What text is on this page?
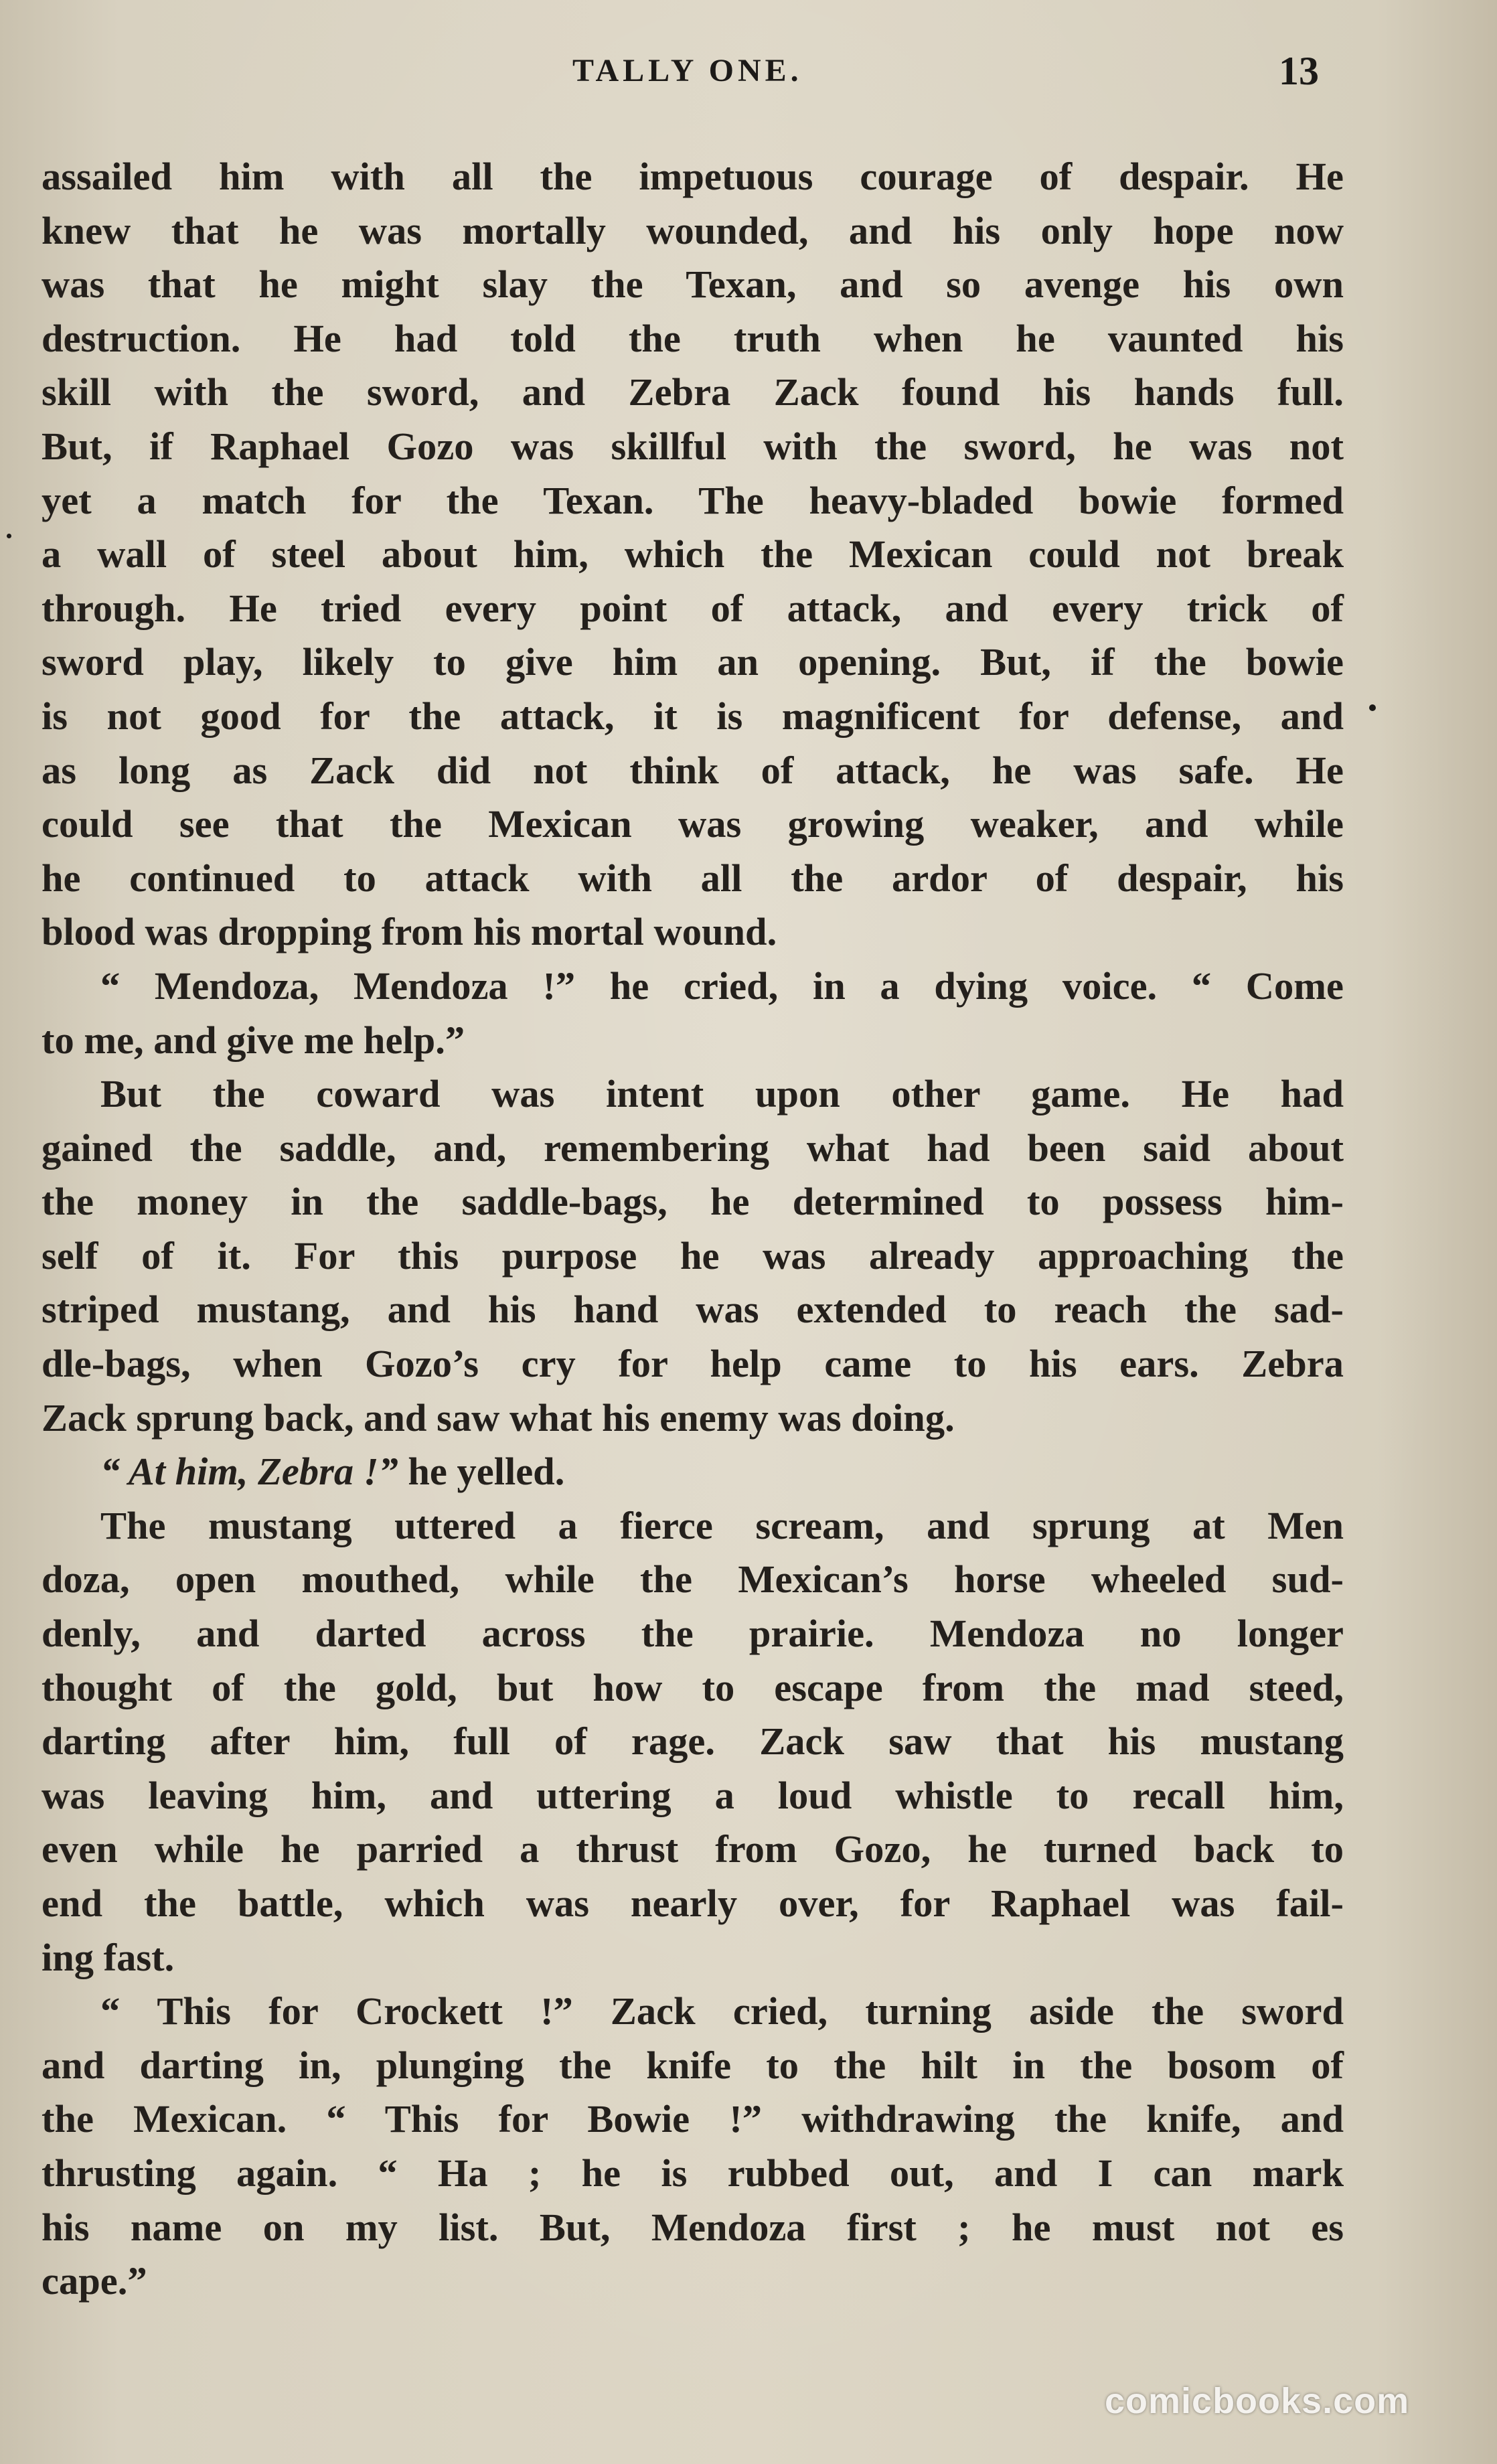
TALLY ONE.	13
assailed him with all the impetuous courage of despair. He
knew that he was mortally wounded, and his only hope now
was that he might slay the Texan, and so avenge his own
destruction. He had told the truth when he vaunted his
skill with the sword, and Zebra Zack found his hands full.
But, if Raphael Gozo was skillful with the sword, he was not
yet a match for the Texan. The heavy-bladed bowie formed
a wall of steel about him, which the Mexican could not break
through. He tried every point of attack, and every trick of
sword play, likely to give him an opening. But, if the bowie
is not good for the attack, it is magnificent for defense, and
as long as Zack did not think of attack, he was safe. He
could see that the Mexican was growing weaker, and while
he continued to attack with all the ardor of despair, his
blood was dropping from his mortal wound.
“ Mendoza, Mendoza !” he cried, in a dying voice. “ Come
to me, and give me help.”
But the coward was intent upon other game. He had
gained the saddle, and, remembering what had been said about
the money in the saddle-bags, he determined to possess him-
self of it. For this purpose he was already approaching the
striped mustang, and his hand was extended to reach the sad-
dle-bags, when Gozo’s cry for help came to his ears. Zebra
Zack sprung back, and saw what his enemy was doing.
“ At him, Zebra !” he yelled.
The mustang uttered a fierce scream, and sprung at Men
doza, open mouthed, while the Mexican’s horse wheeled sud-
denly, and darted across the prairie. Mendoza no longer
thought of the gold, but how to escape from the mad steed,
darting after him, full of rage. Zack saw that his mustang
was leaving him, and uttering a loud whistle to recall him,
even while he parried a thrust from Gozo, he turned back to
end the battle, which was nearly over, for Raphael was fail-
ing fast.
“ This for Crockett !” Zack cried, turning aside the sword
and darting in, plunging the knife to the hilt in the bosom of
the Mexican. “ This for Bowie !” withdrawing the knife, and
thrusting again. “ Ha ; he is rubbed out, and I can mark
his name on my list. But, Mendoza first ; he must not es
cape.”
comicbooks.com
